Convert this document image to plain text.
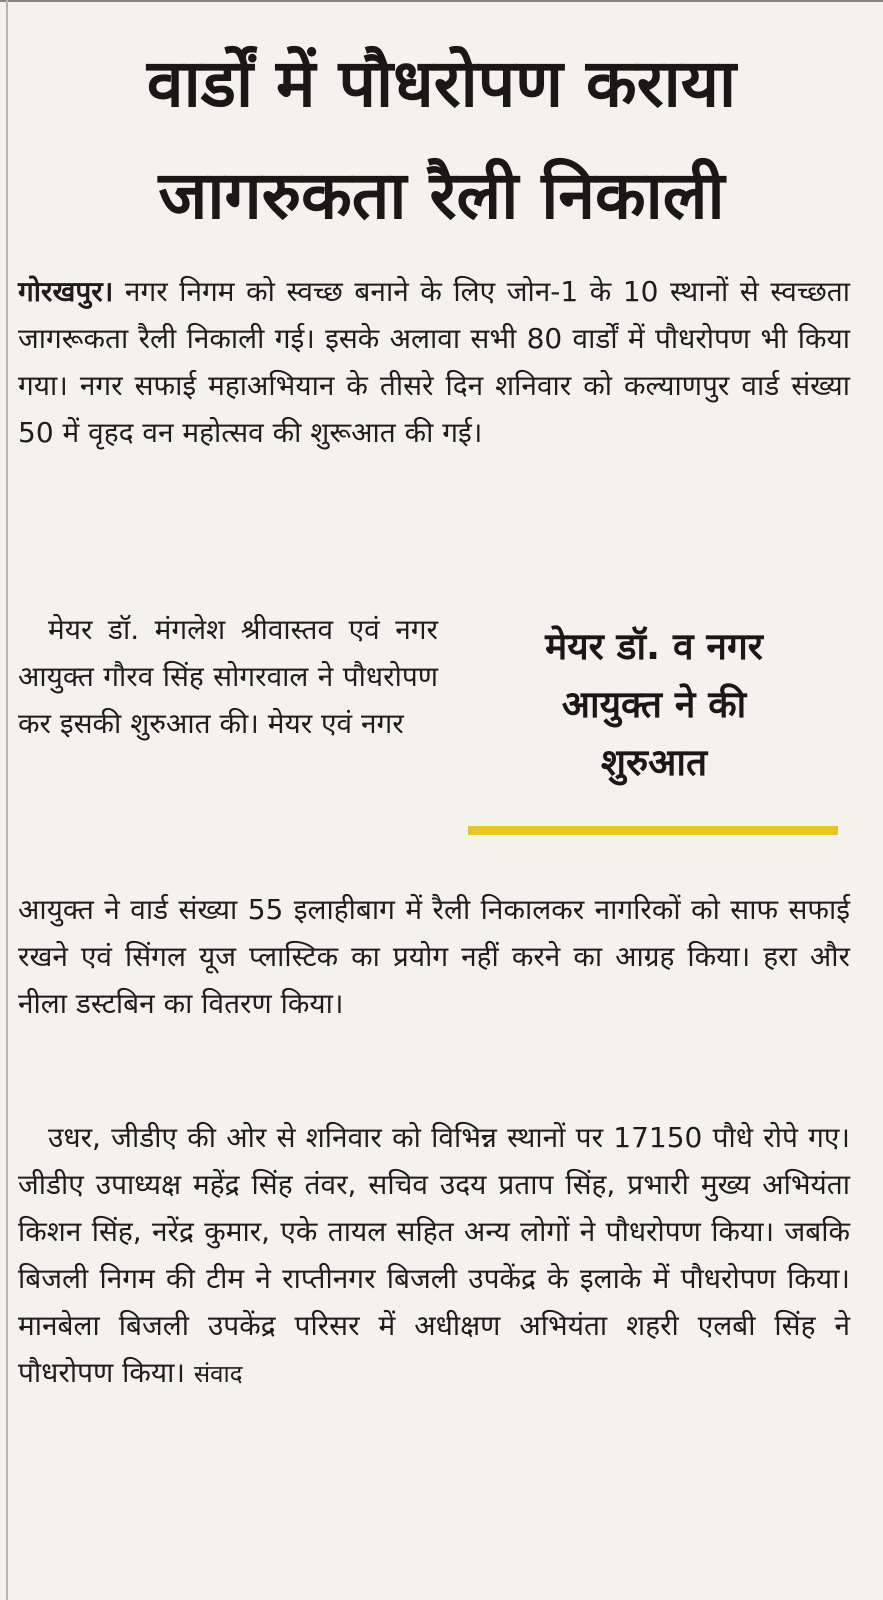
वार्डों में पौधरोपण कराया
जागरुकता रैली निकाली

गोरखपुर। नगर निगम को स्वच्छ बनाने के लिए जोन-1 के 10 स्थानों से स्वच्छता जागरूकता रैली निकाली गई। इसके अलावा सभी 80 वार्डों में पौधरोपण भी किया गया। नगर सफाई महाअभियान के तीसरे दिन शनिवार को कल्याणपुर वार्ड संख्या 50 में वृहद वन महोत्सव की शुरूआत की गई।

मेयर डॉ. मंगलेश श्रीवास्तव एवं नगर आयुक्त गौरव सिंह सोगरवाल ने पौधरोपण कर इसकी शुरुआत की। मेयर एवं नगर

मेयर डॉ. व नगर
आयुक्त ने की
शुरुआत

आयुक्त ने वार्ड संख्या 55 इलाहीबाग में रैली निकालकर नागरिकों को साफ सफाई रखने एवं सिंगल यूज प्लास्टिक का प्रयोग नहीं करने का आग्रह किया। हरा और नीला डस्टबिन का वितरण किया।

उधर, जीडीए की ओर से शनिवार को विभिन्न स्थानों पर 17150 पौधे रोपे गए। जीडीए उपाध्यक्ष महेंद्र सिंह तंवर, सचिव उदय प्रताप सिंह, प्रभारी मुख्य अभियंता किशन सिंह, नरेंद्र कुमार, एके तायल सहित अन्य लोगों ने पौधरोपण किया। जबकि बिजली निगम की टीम ने राप्तीनगर बिजली उपकेंद्र के इलाके में पौधरोपण किया। मानबेला बिजली उपकेंद्र परिसर में अधीक्षण अभियंता शहरी एलबी सिंह ने पौधरोपण किया। संवाद
